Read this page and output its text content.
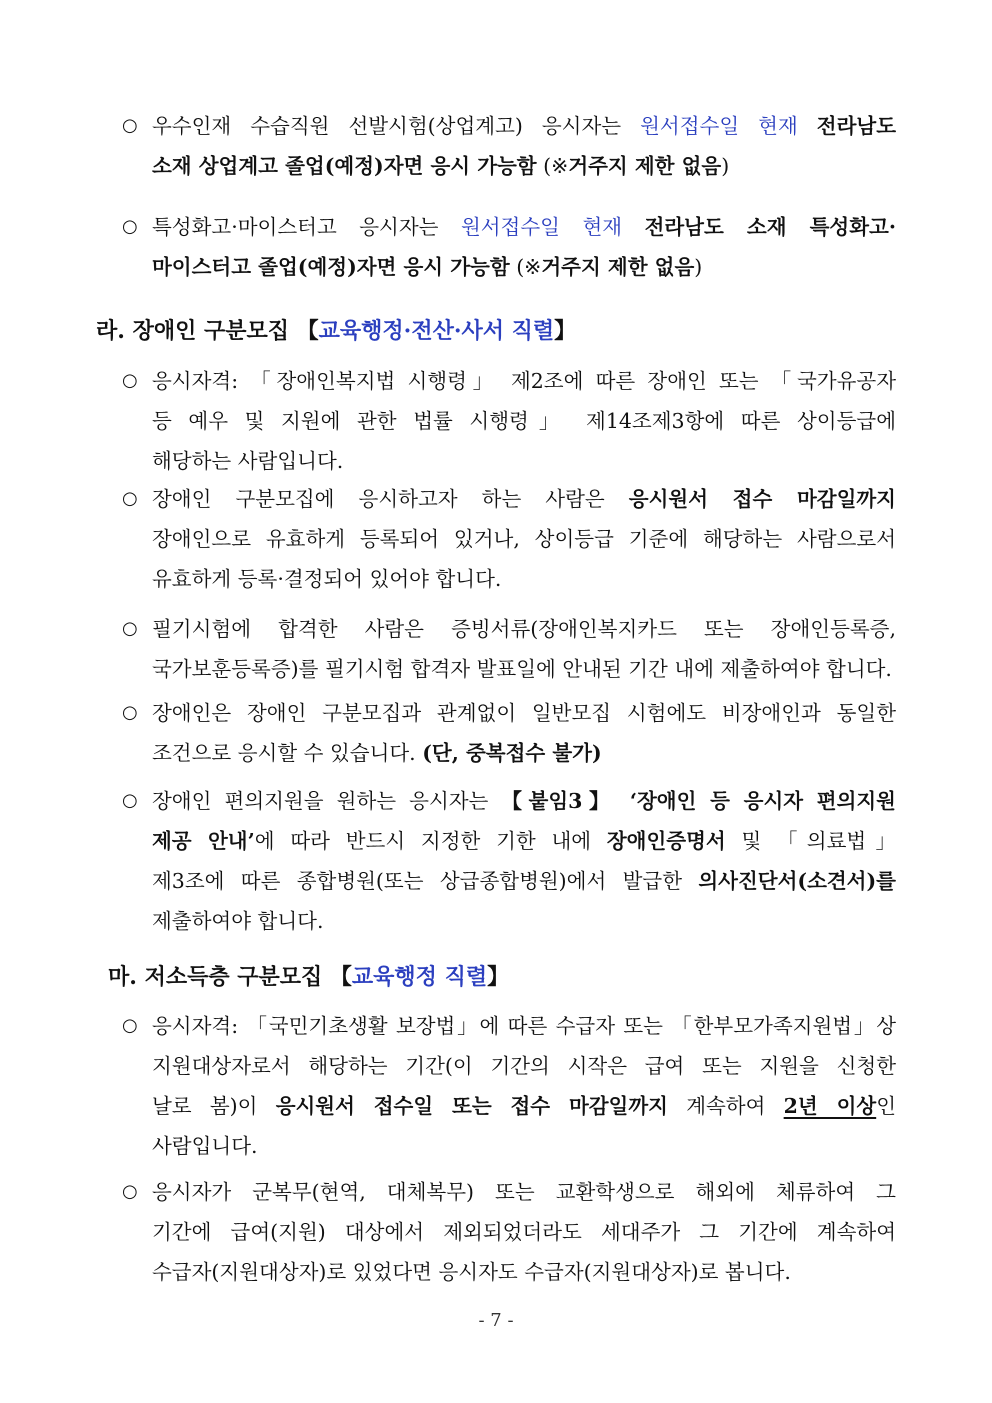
○ 우수인재 수습직원 선발시험(상업계고) 응시자는 원서접수일 현재 전라남도
소재 상업계고 졸업(예정)자면 응시 가능함 (※거주지 제한 없음)
○ 특성화고·마이스터고 응시자는 원서접수일 현재 전라남도 소재 특성화고·
마이스터고 졸업(예정)자면 응시 가능함 (※거주지 제한 없음)
라. 장애인 구분모집 【교육행정·전산·사서 직렬】
○ 응시자격: 「장애인복지법 시행령」 제2조에 따른 장애인 또는 「국가유공자
등 예우 및 지원에 관한 법률 시행령」 제14조제3항에 따른 상이등급에
해당하는 사람입니다.
○ 장애인 구분모집에 응시하고자 하는 사람은 응시원서 접수 마감일까지
장애인으로 유효하게 등록되어 있거나, 상이등급 기준에 해당하는 사람으로서
유효하게 등록·결정되어 있어야 합니다.
○ 필기시험에 합격한 사람은 증빙서류(장애인복지카드 또는 장애인등록증,
국가보훈등록증)를 필기시험 합격자 발표일에 안내된 기간 내에 제출하여야 합니다.
○ 장애인은 장애인 구분모집과 관계없이 일반모집 시험에도 비장애인과 동일한
조건으로 응시할 수 있습니다. (단, 중복접수 불가)
○ 장애인 편의지원을 원하는 응시자는 【붙임3】 ‘장애인 등 응시자 편의지원
제공 안내’에 따라 반드시 지정한 기한 내에 장애인증명서 및 「의료법」
제3조에 따른 종합병원(또는 상급종합병원)에서 발급한 의사진단서(소견서)를
제출하여야 합니다.
마. 저소득층 구분모집 【교육행정 직렬】
○ 응시자격: 「국민기초생활 보장법」에 따른 수급자 또는 「한부모가족지원법」상
지원대상자로서 해당하는 기간(이 기간의 시작은 급여 또는 지원을 신청한
날로 봄)이 응시원서 접수일 또는 접수 마감일까지 계속하여 2년 이상인
사람입니다.
○ 응시자가 군복무(현역, 대체복무) 또는 교환학생으로 해외에 체류하여 그
기간에 급여(지원) 대상에서 제외되었더라도 세대주가 그 기간에 계속하여
수급자(지원대상자)로 있었다면 응시자도 수급자(지원대상자)로 봅니다.
- 7 -
